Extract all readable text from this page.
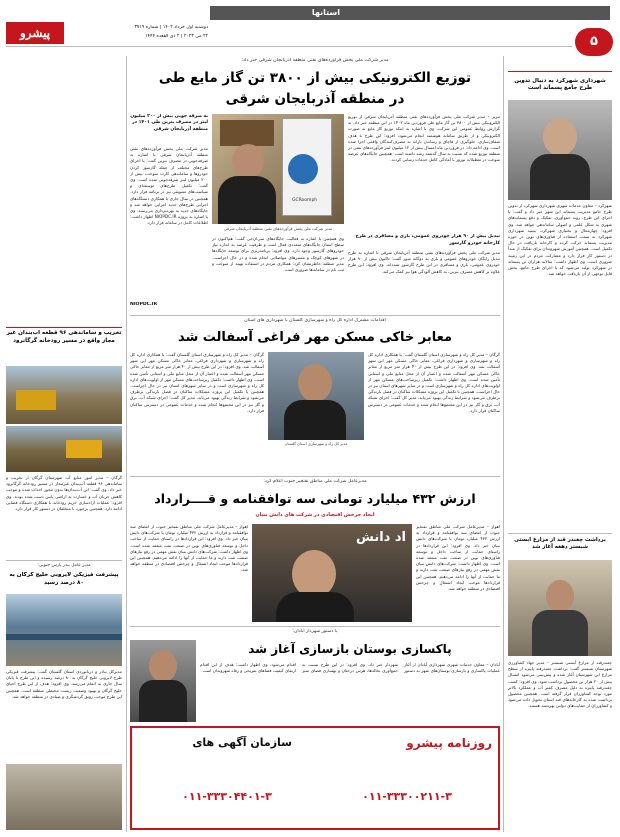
۵
استانها
پیشرو	دوشنبه اول خرداد ۱۴۰۲ | شماره ۳۷۱۹
۲۲ می ۲۰۲۳ | ۲ ذی القعده ۱۴۴۴
شهرداری شهرکرد به دنبال تدوین طرح جامع پسماند است
شهرکرد – معاون خدمات شهری شهرداری شهرکرد از تدوین طرح جامع مدیریت پسماند این شهر خبر داد و گفت: با اجرای این طرح، روند جمع‌آوری، تفکیک و دفع پسماندهای شهری به شکل علمی و اصولی ساماندهی خواهد شد. وی افزود: چهارمحال و بختیاری شهرکرد، ببینید شهرداری شهرکرد به سمت استفاده از فناوری‌های نوین در حوزه مدیریت پسماند حرکت کرده و کارخانه بازیافت در حال تکمیل است. همچنین آموزش شهروندان برای تفکیک از مبدأ در دستور کار قرار دارد و مشارکت مردم در این زمینه ضروری است. وی اظهار داشت: سالانه هزاران تن پسماند در شهرکرد تولید می‌شود که با اجرای طرح جامع، بخش قابل توجهی از آن بازیافت خواهد شد.
برداشت چغندر قند از مزارع آبستی شبستر دهغه آغاز شد
چغندرقند از مزارع آبستی شبستر – مدیر جهاد کشاورزی شهرستان شبستر گفت: برداشت چغندرقند پاییزه از سطح مزارع این شهرستان آغاز شده و پیش‌بینی می‌شود امسال بیش از ۲۰ هزار تن محصول برداشت شود. وی افزود: کشت چغندرقند پاییزه به دلیل مصرف کمتر آب و عملکرد بالاتر مورد توجه کشاورزان قرار گرفته است. همچنین محصول برداشت شده به کارخانه‌های قند استان تحویل داده می‌شود و کشاورزان از حمایت‌های دولتی بهره‌مند هستند.
مدیر شرکت ملی پخش فرآورده‌های نفتی منطقه آذربایجان شرقی خبر داد:
توزیع الکترونیکی بیش از ۳۸۰۰ تن گاز مایع طی
در منطقه آذربایجان شرقی
تبریز – مدیر شرکت ملی پخش فرآورده‌های نفتی منطقه آذربایجان شرقی از توزیع الکترونیکی بیش از ۳۸۰۰ تن گاز مایع طی فروردین ماه ۱۴۰۲ در این منطقه خبر داد. به گزارش روابط عمومی این شرکت، وی با اشاره به اینکه توزیع گاز مایع به صورت الکترونیکی و از طریق سامانه هوشمند انجام می‌شود، افزود: این طرح با هدف شفاف‌سازی، جلوگیری از قاچاق و رساندن یارانه به مصرف‌کنندگان واقعی اجرا شده است. وی ادامه داد: در فروردین ماه امسال بیش از ۱۲ میلیون لیتر فرآورده‌های نفتی در منطقه توزیع شده که نسبت به سال گذشته رشد داشته است. همچنین جایگاه‌های عرضه سوخت در تعطیلات نوروز با آمادگی کامل خدمات رسانی کردند.
تبدیل بیش از ۹۰ هزار خودروی عمومی، باری و مسافری در طرح کارخانه خودرو گازسوز
مدیر شرکت ملی پخش فرآورده‌های نفتی منطقه آذربایجان شرقی با اشاره به طرح تبدیل رایگان خودروهای عمومی و باری به دوگانه سوز گفت: تاکنون بیش از ۹۰ هزار خودروی عمومی، باری و مسافری در این طرح گازسوز شده‌اند. وی افزود: این طرح علاوه بر کاهش مصرف بنزین، به کاهش آلودگی هوا نیز کمک می‌کند.
GCRoomph
مدیر شرکت ملی پخش فرآورده‌های نفتی منطقه آذربایجان شرقی
وی همچنین با اشاره به فعالیت جایگاه‌های سی‌ان‌جی گفت: هم‌اکنون در سطح استان جایگاه‌های متعددی فعال است و ظرفیت عرضه به اندازه نیاز خودروهای گازسوز وجود دارد. وی افزود: برنامه‌ریزی برای توسعه جایگاه‌ها در شهرهای کوچک و مسیرهای مواصلاتی انجام شده و در حال اجراست. مدیر منطقه خاطرنشان کرد: همکاری مردم در استفاده بهینه از سوخت و ثبت نام در سامانه‌ها ضروری است.
به صرفه جویی بیش از ۲۰۰ میلیون لیتر در مصرف بنزین طی ۱۴۰۱ در منطقه آذربایجان شرقی
مدیر شرکت ملی پخش فرآورده‌های نفتی منطقه آذربایجان شرقی با اشاره به صرفه‌جویی در مصرف بنزین گفت: با اجرای طرح‌های مختلف از جمله گازسوز کردن خودروها و ساماندهی کارت سوخت، بیش از ۲۰۰ میلیون لیتر صرفه‌جویی شده است. وی گفت: تکمیل طرح‌های توسعه‌ای و سیاست‌های تشویقی نیز در برنامه قرار دارد. همچنین در سال جاری با همکاری دستگاه‌های اجرایی طرح‌های جدید اجرایی خواهد شد و جایگاه‌های جدید به بهره‌برداری می‌رسند. وی با اشاره به پروژه NIOPDC.IR اظهار داشت: اطلاعات کامل در سامانه قرار دارد.
NIOPDC.IR
تخریب و ساماندهی ۹۶ قطعه آب‌بندان غیر مجاز واقع در مسیر رودخانه گرگانرود
گرگان – مدیر امور منابع آب شهرستان گرگان از تخریب و ساماندهی ۹۶ قطعه آب‌بندان غیرمجاز در مسیر رودخانه گرگانرود خبر داد. وی گفت: این آب‌بندان‌ها بدون مجوز احداث شده و موجب کاهش جریان آب و خسارت به اراضی پایین دست شده بودند. وی افزود: عملیات آزادسازی حریم رودخانه با همکاری دستگاه قضایی ادامه دارد. همچنین برخورد با متخلفان در دستور کار قرار دارد.
مدیر عامل بندر پارس جنوبی:
پیشرفت فیزیکی لایروبی خلیج گرگان به ۸۰ درصد رسید
مدیرکل بنادر و دریانوردی استان گلستان گفت: پیشرفت فیزیکی طرح لایروبی خلیج گرگان به ۸۰ درصد رسیده و این طرح تا پایان سال جاری به اتمام می‌رسد. وی افزود: هدف از این طرح احیای خلیج گرگان و بهبود وضعیت زیست محیطی منطقه است. همچنین این طرح موجب رونق گردشگری و صیادی در منطقه خواهد شد.
اقدامات مشترک اداره کل راه و شهرسازی گلستان با شهرداری های استان
معابر خاکی مسکن مهر فراغی آسفالت شد
گرگان – مدیر کل راه و شهرسازی استان گلستان گفت: با همکاری اداره کل راه و شهرسازی و شهرداری فراغی، معابر خاکی مسکن مهر این شهر آسفالت شد. وی افزود: در این طرح بیش از ۴۰ هزار متر مربع از معابر خاکی مسکن مهر آسفالت شده و اعتبار آن از محل منابع ملی و استانی تأمین شده است. وی اظهار داشت: تکمیل زیرساخت‌های مسکن مهر از اولویت‌های اداره کل راه و شهرسازی است و در سایر شهرهای استان نیز در حال اجراست. همچنین با تکمیل این پروژه مشکلات ساکنان در فصل بارندگی برطرف می‌شود و شرایط زندگی بهبود می‌یابد. مدیر کل گفت: اجرای شبکه آب، برق و گاز نیز در این مجتمع‌ها انجام شده و خدمات عمومی در دسترس ساکنان قرار دارد.
مدیر کل راه و شهرسازی استان گلستان
گرگان – مدیر کل راه و شهرسازی استان گلستان گفت: با همکاری اداره کل راه و شهرسازی و شهرداری فراغی، معابر خاکی مسکن مهر این شهر آسفالت شد. وی افزود: در این طرح بیش از ۴۰ هزار متر مربع از معابر خاکی مسکن مهر آسفالت شده و اعتبار آن از محل منابع ملی و استانی تأمین شده است. وی اظهار داشت: تکمیل زیرساخت‌های مسکن مهر از اولویت‌های اداره کل راه و شهرسازی است و در سایر شهرهای استان نیز در حال اجراست. همچنین با تکمیل این پروژه مشکلات ساکنان در فصل بارندگی برطرف می‌شود و شرایط زندگی بهبود می‌یابد. مدیر کل گفت: اجرای شبکه آب، برق و گاز نیز در این مجتمع‌ها انجام شده و خدمات عمومی در دسترس ساکنان قرار دارد.
مدیرعامل شرکت ملی مناطق نفتخیز جنوب اعلام کرد:
ارزش ۴۳۲ میلیارد تومانی سه توافقنامه و قــــرارداد
ایجاد چرخش اقتصادی در شرکت های دانش بنیان
اهواز – مدیرعامل شرکت ملی مناطق نفتخیز جنوب از امضای سه توافقنامه و قرارداد به ارزش ۴۳۲ میلیارد تومان با شرکت‌های دانش بنیان خبر داد. وی افزود: این قراردادها در راستای حمایت از ساخت داخل و توسعه فناوری‌های نوین در صنعت نفت منعقد شده است. وی اظهار داشت: شرکت‌های دانش بنیان نقش مهمی در رفع نیازهای صنعت نفت دارند و ما حمایت از آنها را ادامه می‌دهیم. همچنین این قراردادها موجب ایجاد اشتغال و چرخش اقتصادی در منطقه خواهد شد.
اد دانش
اهواز – مدیرعامل شرکت ملی مناطق نفتخیز جنوب از امضای سه توافقنامه و قرارداد به ارزش ۴۳۲ میلیارد تومان با شرکت‌های دانش بنیان خبر داد. وی افزود: این قراردادها در راستای حمایت از ساخت داخل و توسعه فناوری‌های نوین در صنعت نفت منعقد شده است. وی اظهار داشت: شرکت‌های دانش بنیان نقش مهمی در رفع نیازهای صنعت نفت دارند و ما حمایت از آنها را ادامه می‌دهیم. همچنین این قراردادها موجب ایجاد اشتغال و چرخش اقتصادی در منطقه خواهد شد.
با دستور شهردار آبادان:
پاکسازی بوستان بازسازی آغاز شد
آبادان – معاون خدمات شهری شهرداری آبادان از آغاز عملیات پاکسازی و بازسازی بوستان‌های شهر به دستور شهردار خبر داد. وی افزود: در این طرح نسبت به جمع‌آوری نخاله‌ها، هرس درختان و بهسازی فضای سبز اقدام می‌شود. وی اظهار داشت: هدف از این اقدام ارتقای کیفیت فضاهای تفریحی و رفاه شهروندان است.
روزنامه پیشرو
سازمان آگهی های
۰۱۱-۳۳۳۰۰۲۱۱-۳
۰۱۱-۳۳۳۰۴۴۰۱-۳
